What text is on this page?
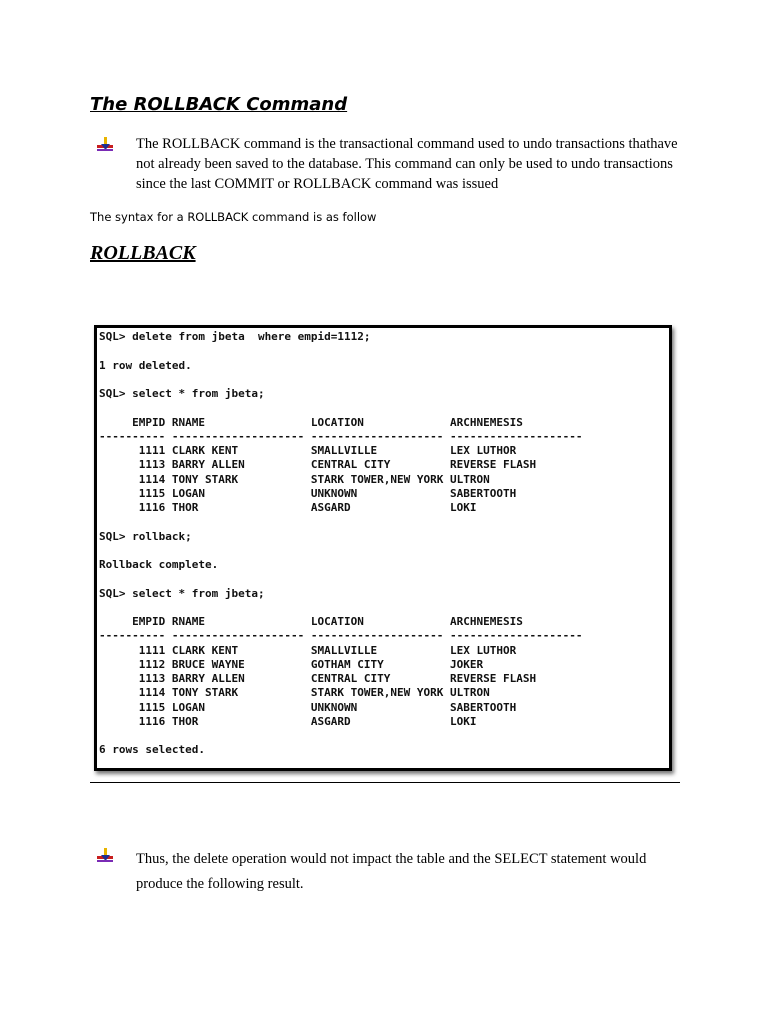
The ROLLBACK Command
The ROLLBACK command is the transactional command used to undo transactions thathave not already been saved to the database. This command can only be used to undo transactions since the last COMMIT or ROLLBACK command was issued
The syntax for a ROLLBACK command is as follow
ROLLBACK
SQL> delete from jbeta  where empid=1112;

1 row deleted.

SQL> select * from jbeta;

EMPID RNAME                LOCATION             ARCHNEMESIS
---------- -------------------- -------------------- --------------------
1111 CLARK KENT           SMALLVILLE           LEX LUTHOR
1113 BARRY ALLEN          CENTRAL CITY         REVERSE FLASH
1114 TONY STARK           STARK TOWER,NEW YORK ULTRON
1115 LOGAN                UNKNOWN              SABERTOOTH
1116 THOR                 ASGARD               LOKI

SQL> rollback;

Rollback complete.

SQL> select * from jbeta;

EMPID RNAME                LOCATION             ARCHNEMESIS
---------- -------------------- -------------------- --------------------
1111 CLARK KENT           SMALLVILLE           LEX LUTHOR
1112 BRUCE WAYNE          GOTHAM CITY          JOKER
1113 BARRY ALLEN          CENTRAL CITY         REVERSE FLASH
1114 TONY STARK           STARK TOWER,NEW YORK ULTRON
1115 LOGAN                UNKNOWN              SABERTOOTH
1116 THOR                 ASGARD               LOKI

6 rows selected.
Thus, the delete operation would not impact the table and the SELECT statement would
produce the following result.
